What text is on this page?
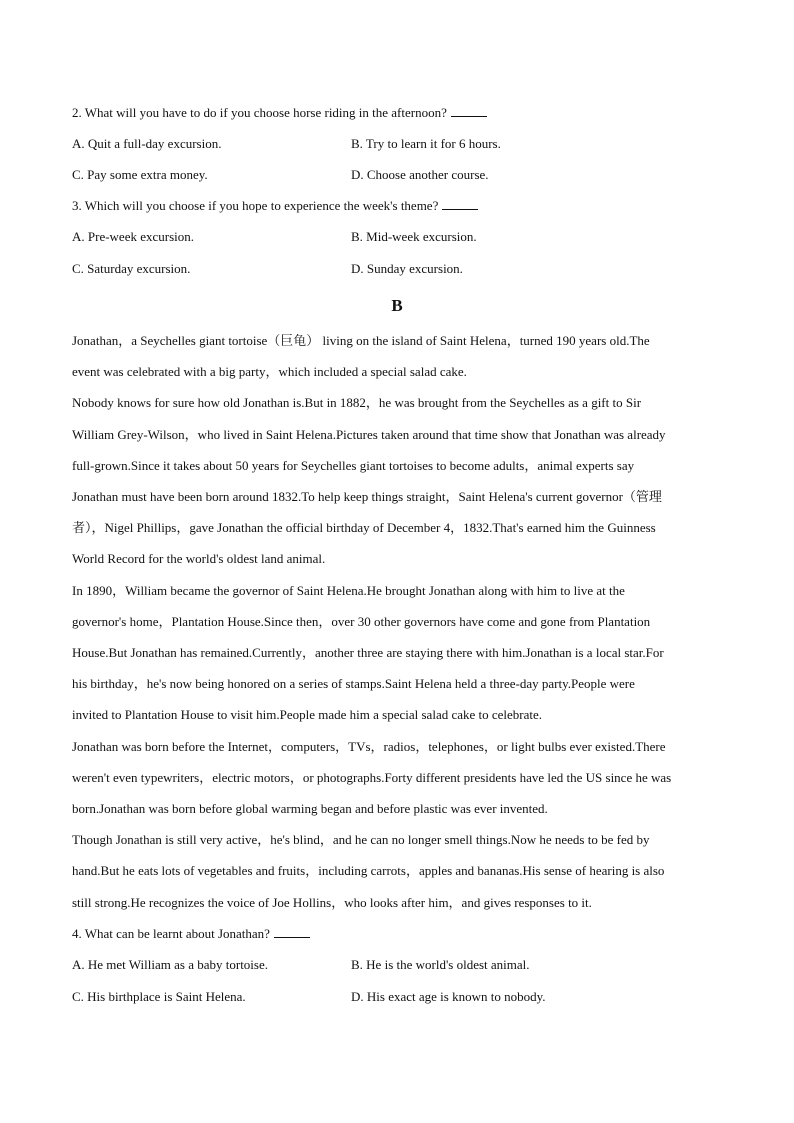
2. What will you have to do if you choose horse riding in the afternoon?
A. Quit a full-day excursion.	B. Try to learn it for 6 hours.
C. Pay some extra money.	D. Choose another course.
3. Which will you choose if you hope to experience the week's theme?
A. Pre-week excursion.	B. Mid-week excursion.
C. Saturday excursion.	D. Sunday excursion.
B
Jonathan，a Seychelles giant tortoise（巨龟） living on the island of Saint Helena，turned 190 years old.The
event was celebrated with a big party，which included a special salad cake.
Nobody knows for sure how old Jonathan is.But in 1882，he was brought from the Seychelles as a gift to Sir
William Grey-Wilson，who lived in Saint Helena.Pictures taken around that time show that Jonathan was already
full-grown.Since it takes about 50 years for Seychelles giant tortoises to become adults，animal experts say
Jonathan must have been born around 1832.To help keep things straight，Saint Helena's current governor（管理
者），Nigel Phillips，gave Jonathan the official birthday of December 4，1832.That's earned him the Guinness
World Record for the world's oldest land animal.
In 1890，William became the governor of Saint Helena.He brought Jonathan along with him to live at the
governor's home，Plantation House.Since then，over 30 other governors have come and gone from Plantation
House.But Jonathan has remained.Currently，another three are staying there with him.Jonathan is a local star.For
his birthday，he's now being honored on a series of stamps.Saint Helena held a three-day party.People were
invited to Plantation House to visit him.People made him a special salad cake to celebrate.
Jonathan was born before the Internet，computers，TVs，radios，telephones，or light bulbs ever existed.There
weren't even typewriters，electric motors，or photographs.Forty different presidents have led the US since he was
born.Jonathan was born before global warming began and before plastic was ever invented.
Though Jonathan is still very active，he's blind，and he can no longer smell things.Now he needs to be fed by
hand.But he eats lots of vegetables and fruits，including carrots，apples and bananas.His sense of hearing is also
still strong.He recognizes the voice of Joe Hollins，who looks after him，and gives responses to it.
4. What can be learnt about Jonathan?
A. He met William as a baby tortoise.	B. He is the world's oldest animal.
C. His birthplace is Saint Helena.	D. His exact age is known to nobody.
